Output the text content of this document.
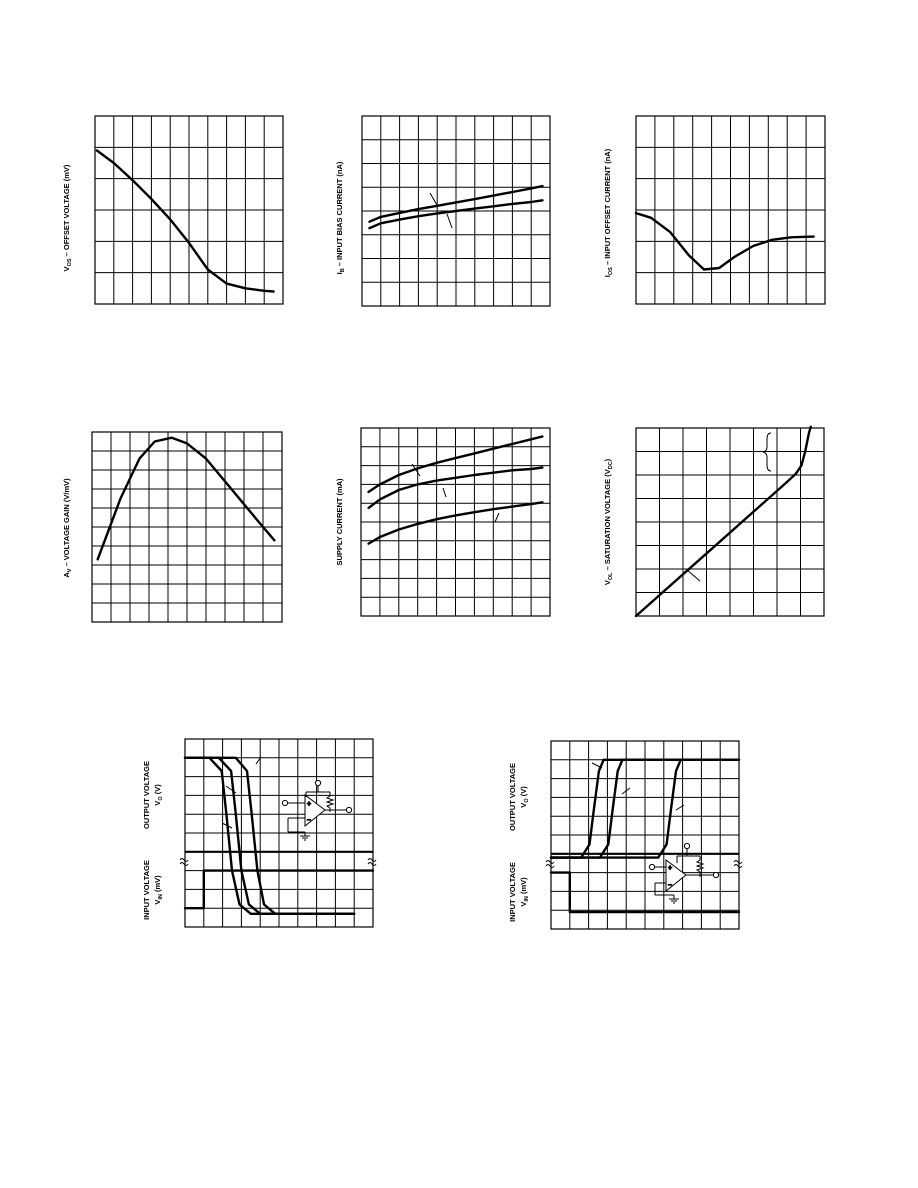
$V_{OS}$ – OFFSET VOLTAGE (mV)
$I_B$ – INPUT BIAS CURRENT (nA)
$I_{OS}$ – INPUT OFFSET CURRENT (nA)
$A_V$ – VOLTAGE GAIN (V/mV)	SUPPLY CURRENT (mA)
$V_{OL}$ – SATURATION VOLTAGE $(V_{DC})$
OUTPUT VOLTAGE $V_O$ (V)
INPUT VOLTAGE $V_{IN}$ (mV)
OUTPUT VOLTAGE $V_O$ (V)
INPUT VOLTAGE $V_{IN}$ (mV)
+
–
+
–
